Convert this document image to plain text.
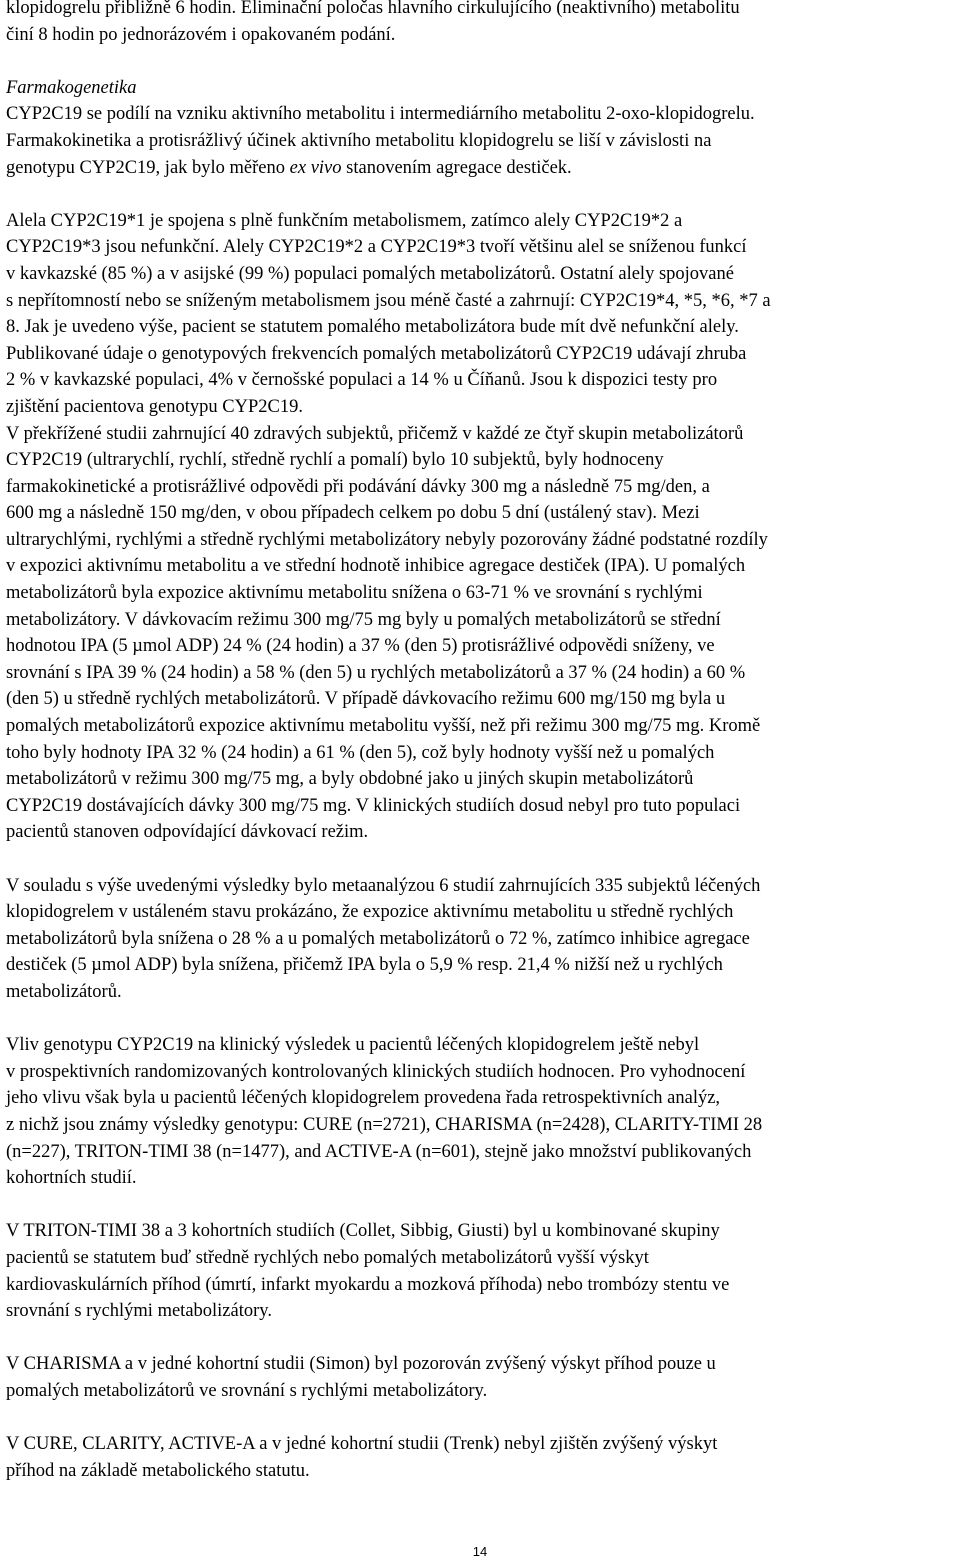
klopidogrelu přibližně 6 hodin. Eliminační poločas hlavního cirkulujícího (neaktivního) metabolitu
činí 8 hodin po jednorázovém i opakovaném podání.

Farmakogenetika
CYP2C19 se podílí na vzniku aktivního metabolitu i intermediárního metabolitu 2-oxo-klopidogrelu.
Farmakokinetika a protisrážlivý účinek aktivního metabolitu klopidogrelu se liší v závislosti na
genotypu CYP2C19, jak bylo měřeno ex vivo stanovením agregace destiček.

Alela CYP2C19*1 je spojena s plně funkčním metabolismem, zatímco alely CYP2C19*2 a
CYP2C19*3 jsou nefunkční. Alely CYP2C19*2 a CYP2C19*3 tvoří většinu alel se sníženou funkcí
v kavkazské (85 %) a v asijské (99 %) populaci pomalých metabolizátorů. Ostatní alely spojované
s nepřítomností nebo se sníženým metabolismem jsou méně časté a zahrnují: CYP2C19*4, *5, *6, *7 a
8. Jak je uvedeno výše, pacient se statutem pomalého metabolizátora bude mít dvě nefunkční alely.
Publikované údaje o genotypových frekvencích pomalých metabolizátorů CYP2C19 udávají zhruba
2 % v kavkazské populaci, 4% v černošské populaci a 14 % u Číňanů. Jsou k dispozici testy pro
zjištění pacientova genotypu CYP2C19.
V překřížené studii zahrnující 40 zdravých subjektů, přičemž v každé ze čtyř skupin metabolizátorů
CYP2C19 (ultrarychlí, rychlí, středně rychlí a pomalí) bylo 10 subjektů, byly hodnoceny
farmakokinetické a protisrážlivé odpovědi při podávání dávky 300 mg a následně 75 mg/den, a
600 mg a následně 150 mg/den, v obou případech celkem po dobu 5 dní (ustálený stav). Mezi
ultrarychlými, rychlými a středně rychlými metabolizátory nebyly pozorovány žádné podstatné rozdíly
v expozici aktivnímu metabolitu a ve střední hodnotě inhibice agregace destiček (IPA). U pomalých
metabolizátorů byla expozice aktivnímu metabolitu snížena o 63-71 % ve srovnání s rychlými
metabolizátory. V dávkovacím režimu 300 mg/75 mg byly u pomalých metabolizátorů se střední
hodnotou IPA (5 µmol ADP) 24 % (24 hodin) a 37 % (den 5) protisrážlivé odpovědi sníženy, ve
srovnání s IPA 39 % (24 hodin) a 58 % (den 5) u rychlých metabolizátorů a 37 % (24 hodin) a 60 %
(den 5) u středně rychlých metabolizátorů. V případě dávkovacího režimu 600 mg/150 mg byla u
pomalých metabolizátorů expozice aktivnímu metabolitu vyšší, než při režimu 300 mg/75 mg. Kromě
toho byly hodnoty IPA 32 % (24 hodin) a 61 % (den 5), což byly hodnoty vyšší než u pomalých
metabolizátorů v režimu 300 mg/75 mg, a byly obdobné jako u jiných skupin metabolizátorů
CYP2C19 dostávajících dávky 300 mg/75 mg. V klinických studiích dosud nebyl pro tuto populaci
pacientů stanoven odpovídající dávkovací režim.

V souladu s výše uvedenými výsledky bylo metaanalýzou 6 studií zahrnujících 335 subjektů léčených
klopidogrelem v ustáleném stavu prokázáno, že expozice aktivnímu metabolitu u středně rychlých
metabolizátorů byla snížena o 28 % a u pomalých metabolizátorů o 72 %, zatímco inhibice agregace
destiček (5 µmol ADP) byla snížena, přičemž IPA byla o 5,9 % resp. 21,4 % nižší než u rychlých
metabolizátorů.

Vliv genotypu CYP2C19 na klinický výsledek u pacientů léčených klopidogrelem ještě nebyl
v prospektivních randomizovaných kontrolovaných klinických studiích hodnocen. Pro vyhodnocení
jeho vlivu však byla u pacientů léčených klopidogrelem provedena řada retrospektivních analýz,
z nichž jsou známy výsledky genotypu: CURE (n=2721), CHARISMA (n=2428), CLARITY-TIMI 28
(n=227), TRITON-TIMI 38 (n=1477), and ACTIVE-A (n=601), stejně jako množství publikovaných
kohortních studií.

V TRITON-TIMI 38 a 3 kohortních studiích (Collet, Sibbig, Giusti) byl u kombinované skupiny
pacientů se statutem buď středně rychlých nebo pomalých metabolizátorů vyšší výskyt
kardiovaskulárních příhod (úmrtí, infarkt myokardu a mozková příhoda) nebo trombózy stentu ve
srovnání s rychlými metabolizátory.

V CHARISMA a v jedné kohortní studii (Simon) byl pozorován zvýšený výskyt příhod pouze u
pomalých metabolizátorů ve srovnání s rychlými metabolizátory.

V CURE, CLARITY, ACTIVE-A a v jedné kohortní studii (Trenk) nebyl zjištěn zvýšený výskyt
příhod na základě metabolického statutu.

14
